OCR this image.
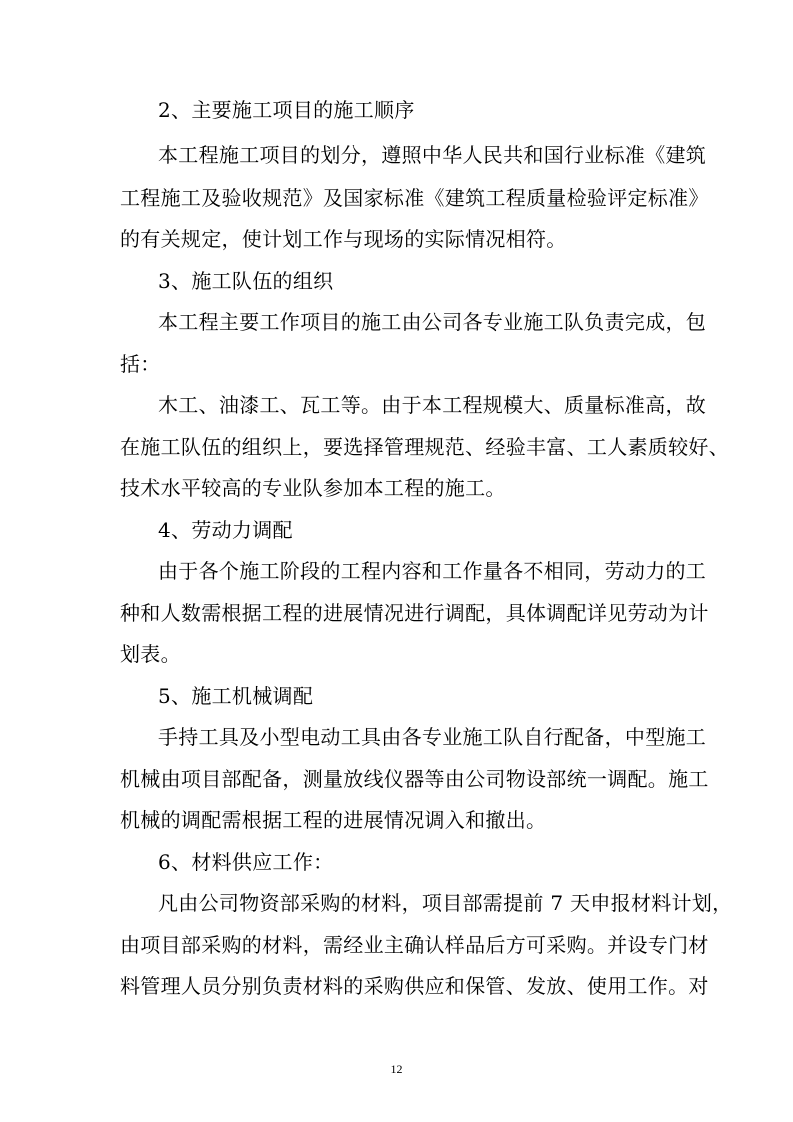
2、主要施工项目的施工顺序
本工程施工项目的划分，遵照中华人民共和国行业标准《建筑
工程施工及验收规范》及国家标准《建筑工程质量检验评定标准》
的有关规定，使计划工作与现场的实际情况相符。
3、施工队伍的组织
本工程主要工作项目的施工由公司各专业施工队负责完成，包
括：
木工、油漆工、瓦工等。由于本工程规模大、质量标准高，故
在施工队伍的组织上，要选择管理规范、经验丰富、工人素质较好、
技术水平较高的专业队参加本工程的施工。
4、劳动力调配
由于各个施工阶段的工程内容和工作量各不相同，劳动力的工
种和人数需根据工程的进展情况进行调配，具体调配详见劳动为计
划表。
5、施工机械调配
手持工具及小型电动工具由各专业施工队自行配备，中型施工
机械由项目部配备，测量放线仪器等由公司物设部统一调配。施工
机械的调配需根据工程的进展情况调入和撤出。
6、材料供应工作：
凡由公司物资部采购的材料，项目部需提前 7 天申报材料计划，
由项目部采购的材料，需经业主确认样品后方可采购。并设专门材
料管理人员分别负责材料的采购供应和保管、发放、使用工作。对
12
